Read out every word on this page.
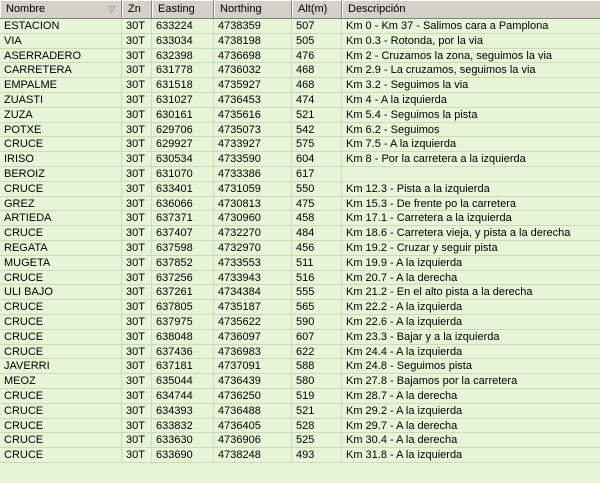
Nombre	▽	Zn	Easting	Northing	Alt(m)	Descripción
ESTACION	30T	633224	4738359	507	Km 0 - Km 37 - Salimos cara a Pamplona
VIA	30T	633034	4738198	505	Km 0.3 - Rotonda, por la via
ASERRADERO	30T	632398	4736698	476	Km 2 - Cruzamos la zona, seguimos la via
CARRETERA	30T	631778	4736032	468	Km 2.9 - La cruzamos, seguimos la via
EMPALME	30T	631518	4735927	468	Km 3.2 - Seguimos la via
ZUASTI	30T	631027	4736453	474	Km 4 - A la izquierda
ZUZA	30T	630161	4735616	521	Km 5.4 - Seguimos la pista
POTXE	30T	629706	4735073	542	Km 6.2 - Seguimos
CRUCE	30T	629927	4733927	575	Km 7.5 - A la izquierda
IRISO	30T	630534	4733590	604	Km 8 - Por la carretera a la izquierda
BEROIZ	30T	631070	4733386	617
CRUCE	30T	633401	4731059	550	Km 12.3 - Pista a la izquierda
GREZ	30T	636066	4730813	475	Km 15.3 - De frente po la carretera
ARTIEDA	30T	637371	4730960	458	Km 17.1 - Carretera a la izquierda
CRUCE	30T	637407	4732270	484	Km 18.6 - Carretera vieja, y pista a la derecha
REGATA	30T	637598	4732970	456	Km 19.2 - Cruzar y seguir pista
MUGETA	30T	637852	4733553	511	Km 19.9 - A la izquierda
CRUCE	30T	637256	4733943	516	Km 20.7 - A la derecha
ULI BAJO	30T	637261	4734384	555	Km 21.2 - En el alto pista a la derecha
CRUCE	30T	637805	4735187	565	Km 22.2 - A la izquierda
CRUCE	30T	637975	4735622	590	Km 22.6 - A la izquierda
CRUCE	30T	638048	4736097	607	Km 23.3 - Bajar y a la izquierda
CRUCE	30T	637436	4736983	622	Km 24.4 - A la izquierda
JAVERRI	30T	637181	4737091	588	Km 24.8 - Seguimos pista
MEOZ	30T	635044	4736439	580	Km 27.8 - Bajamos por la carretera
CRUCE	30T	634744	4736250	519	Km 28.7 - A la derecha
CRUCE	30T	634393	4736488	521	Km 29.2 - A la izquierda
CRUCE	30T	633832	4736405	528	Km 29.7 - A la derecha
CRUCE	30T	633630	4736906	525	Km 30.4 - A la derecha
CRUCE	30T	633690	4738248	493	Km 31.8 - A la izquierda
